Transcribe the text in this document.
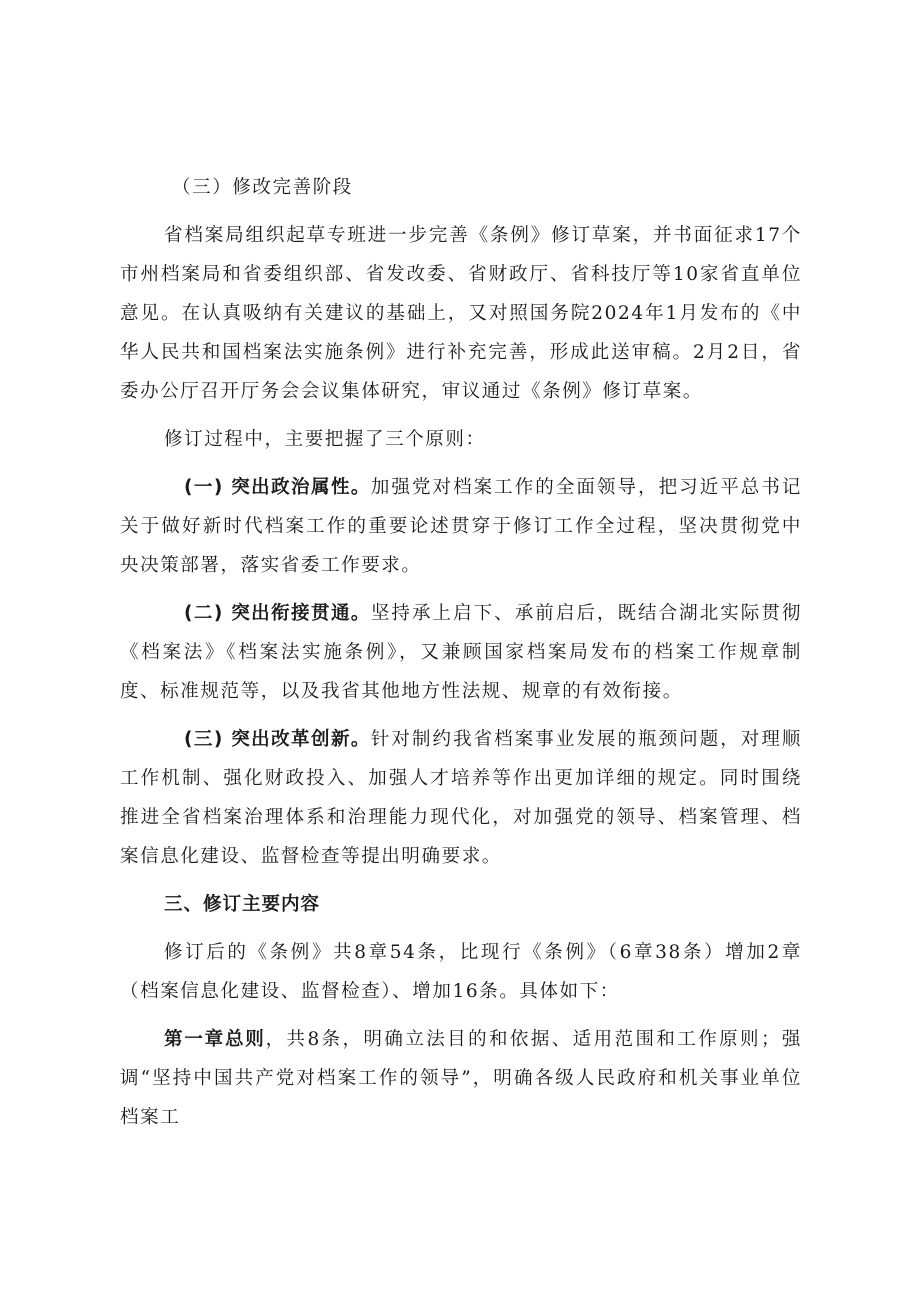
（三）修改完善阶段

省档案局组织起草专班进一步完善《条例》修订草案，并书面征求17个市州档案局和省委组织部、省发改委、省财政厅、省科技厅等10家省直单位意见。在认真吸纳有关建议的基础上，又对照国务院2024年1月发布的《中华人民共和国档案法实施条例》进行补充完善，形成此送审稿。2月2日，省委办公厅召开厅务会会议集体研究，审议通过《条例》修订草案。

修订过程中，主要把握了三个原则：

(一) 突出政治属性。加强党对档案工作的全面领导，把习近平总书记关于做好新时代档案工作的重要论述贯穿于修订工作全过程，坚决贯彻党中央决策部署，落实省委工作要求。

(二) 突出衔接贯通。坚持承上启下、承前启后，既结合湖北实际贯彻《档案法》《档案法实施条例》，又兼顾国家档案局发布的档案工作规章制度、标准规范等，以及我省其他地方性法规、规章的有效衔接。

(三) 突出改革创新。针对制约我省档案事业发展的瓶颈问题，对理顺工作机制、强化财政投入、加强人才培养等作出更加详细的规定。同时围绕推进全省档案治理体系和治理能力现代化，对加强党的领导、档案管理、档案信息化建设、监督检查等提出明确要求。

三、修订主要内容

修订后的《条例》共8章54条，比现行《条例》（6章38条）增加2章（档案信息化建设、监督检查）、增加16条。具体如下：

第一章总则，共8条，明确立法目的和依据、适用范围和工作原则；强调“坚持中国共产党对档案工作的领导”，明确各级人民政府和机关事业单位档案工
